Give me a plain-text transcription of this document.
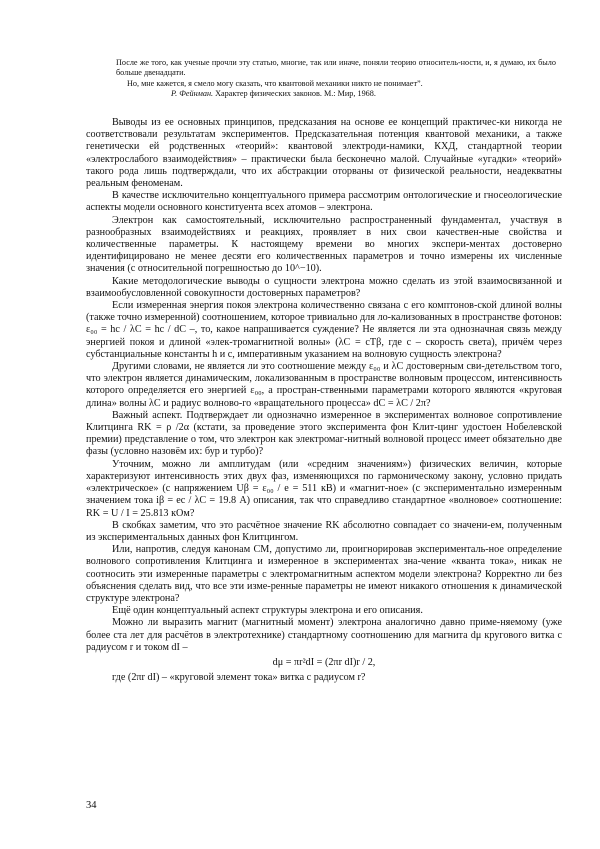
После же того, как ученые прочли эту статью, многие, так или иначе, поняли теорию относитель-ности, и, я думаю, их было больше двенадцати.

Но, мне кажется, я смело могу сказать, что квантовой механики никто не понимает”.

Р. Фейнман. Характер физических законов. М.: Мир, 1968.

Выводы из ее основных принципов, предсказания на основе ее концепций практичес-ки никогда не соответствовали результатам экспериментов. Предсказательная потенция квантовой механики, а также генетически ей родственных «теорий»: квантовой электроди-намики, КХД, стандартной теории «электрослабого взаимодействия» – практически была бесконечно малой. Случайные «угадки» «теорий» такого рода лишь подтверждали, что их абстракции оторваны от физической реальности, неадекватны реальным феноменам.

В качестве исключительно концептуального примера рассмотрим онтологические и гносеологические аспекты модели основного конституента всех атомов – электрона.

Электрон как самостоятельный, исключительно распространенный фундаментал, участвуя в разнообразных взаимодействиях и реакциях, проявляет в них свои качествен-ные свойства и количественные параметры. К настоящему времени во многих экспери-ментах достоверно идентифицировано не менее десяти его количественных параметров и точно измерены их численные значения (с относительной погрешностью до 10^−10).

Какие методологические выводы о сущности электрона можно сделать из этой взаимосвязанной и взаимообусловленной совокупности достоверных параметров?

Если измеренная энергия покоя электрона количественно связана с его комптонов-ской длиной волны (также точно измеренной) соотношением, которое тривиально для ло-кализованных в пространстве фотонов: ε₀₀ = hc / λC = hc / dC –, то, какое напрашивается суждение? Не является ли эта однозначная связь между энергией покоя и длиной «элек-тромагнитной волны» (λC = cTβ, где c – скорость света), причём через субстанциальные константы h и c, императивным указанием на волновую сущность электрона?

Другими словами, не является ли это соотношение между ε₀₀ и λC достоверным сви-детельством того, что электрон является динамическим, локализованным в пространстве волновым процессом, интенсивность которого определяется его энергией ε₀₀, а простран-ственными параметрами которого являются «круговая длина» волны λC и радиус волново-го «вращательного процесса» dC = λC / 2π?

Важный аспект. Подтверждает ли однозначно измеренное в экспериментах волновое сопротивление Клитцинга RK = ρ /2α (кстати, за проведение этого эксперимента фон Клит-цинг удостоен Нобелевской премии) представление о том, что электрон как электромаг-нитный волновой процесс имеет обязательно две фазы (условно назовём их: бур и турбо)?

Уточним, можно ли амплитудам (или «средним значениям») физических величин, которые характеризуют интенсивность этих двух фаз, изменяющихся по гармоническому закону, условно придать «электрическое» (с напряжением Uβ = ε₀₀ / e = 511 кВ) и «магнит-ное» (с экспериментально измеренным значением тока iβ = ec / λC = 19.8 А) описания, так что справедливо стандартное «волновое» соотношение: RK = U / I = 25.813 кОм?

В скобках заметим, что это расчётное значение RK абсолютно совпадает со значени-ем, полученным из экспериментальных данных фон Клитцингом.

Или, напротив, следуя канонам СМ, допустимо ли, проигнорировав эксперименталь-ное определение волнового сопротивления Клитцинга и измеренное в экспериментах зна-чение «кванта тока», никак не соотносить эти измеренные параметры с электромагнитным аспектом модели электрона? Корректно ли без объяснения сделать вид, что все эти изме-ренные параметры не имеют никакого отношения к динамической структуре электрона?

Ещё один концептуальный аспект структуры электрона и его описания.

Можно ли выразить магнит (магнитный момент) электрона аналогично давно приме-няемому (уже более ста лет для расчётов в электротехнике) стандартному соотношению для магнита dμ кругового витка с радиусом r и током dI –

dμ = πr²dI = (2πr dI)r / 2,

где (2πr dI) – «круговой элемент тока» витка с радиусом r?

34
